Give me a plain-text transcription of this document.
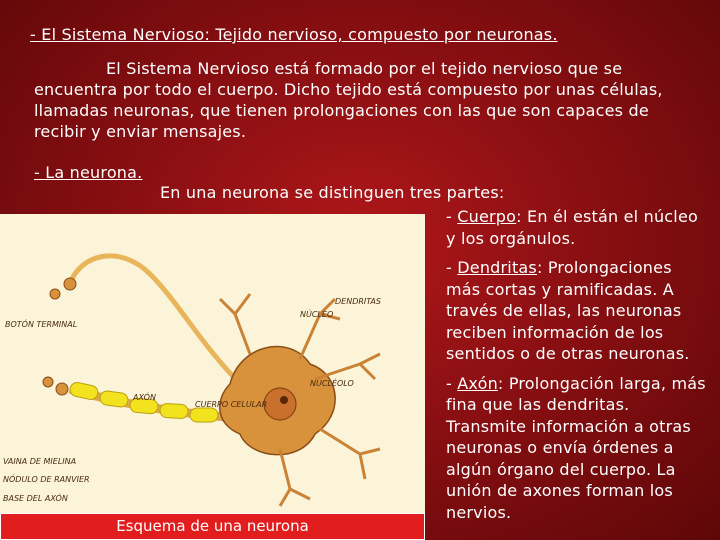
- El Sistema Nervioso: Tejido nervioso, compuesto por neuronas.
El Sistema Nervioso está formado por el tejido nervioso que se encuentra por todo el cuerpo. Dicho tejido está compuesto por unas células, llamadas neuronas, que tienen prolongaciones con las que son capaces de recibir y enviar mensajes.
- La neurona.
En una neurona se distinguen tres partes:

- Cuerpo: En él están el núcleo y los orgánulos.

- Dendritas: Prolongaciones más cortas y ramificadas. A través de ellas, las neuronas reciben información de los sentidos o de otras neuronas.

- Axón: Prolongación larga, más fina que las dendritas. Transmite información a otras neuronas o envía órdenes a algún órgano del cuerpo. La unión de axones forman los nervios.

BOTÓN TERMINAL
DENDRITAS
NÚCLEO
AXÓN
CUERPO CELULAR
NUCLÉOLO
VAINA DE MIELINA
NÓDULO DE RANVIER
BASE DEL AXÓN
Esquema de una neurona
